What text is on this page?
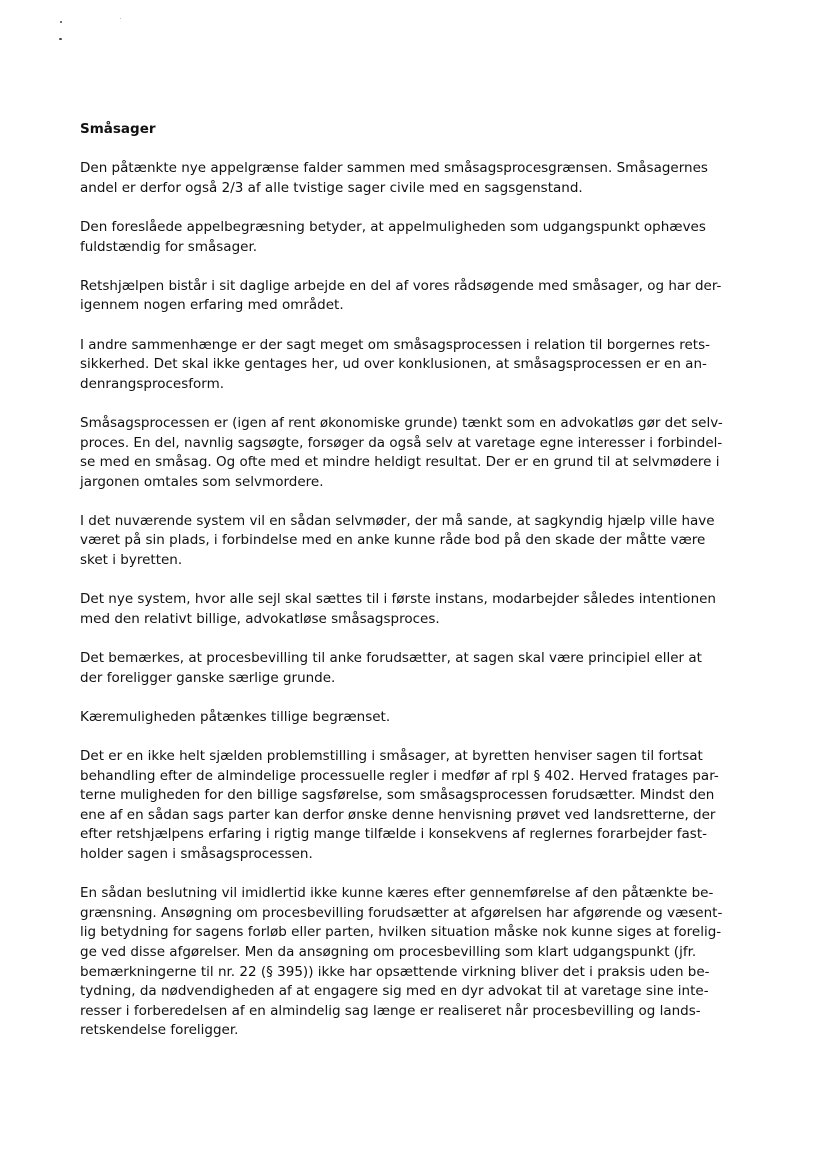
Småsager
Den påtænkte nye appelgrænse falder sammen med småsagsprocesgrænsen. Småsagernes
andel er derfor også 2/3 af alle tvistige sager civile med en sagsgenstand.
Den foreslåede appelbegræsning betyder, at appelmuligheden som udgangspunkt ophæves
fuldstændig for småsager.
Retshjælpen bistår i sit daglige arbejde en del af vores rådsøgende med småsager, og har der-
igennem nogen erfaring med området.
I andre sammenhænge er der sagt meget om småsagsprocessen i relation til borgernes rets-
sikkerhed. Det skal ikke gentages her, ud over konklusionen, at småsagsprocessen er en an-
denrangsprocesform.
Småsagsprocessen er (igen af rent økonomiske grunde) tænkt som en advokatløs gør det selv-
proces. En del, navnlig sagsøgte, forsøger da også selv at varetage egne interesser i forbindel-
se med en småsag. Og ofte med et mindre heldigt resultat. Der er en grund til at selvmødere i
jargonen omtales som selvmordere.
I det nuværende system vil en sådan selvmøder, der må sande, at sagkyndig hjælp ville have
været på sin plads, i forbindelse med en anke kunne råde bod på den skade der måtte være
sket i byretten.
Det nye system, hvor alle sejl skal sættes til i første instans, modarbejder således intentionen
med den relativt billige, advokatløse småsagsproces.
Det bemærkes, at procesbevilling til anke forudsætter, at sagen skal være principiel eller at
der foreligger ganske særlige grunde.
Kæremuligheden påtænkes tillige begrænset.
Det er en ikke helt sjælden problemstilling i småsager, at byretten henviser sagen til fortsat
behandling efter de almindelige processuelle regler i medfør af rpl § 402. Herved fratages par-
terne muligheden for den billige sagsførelse, som småsagsprocessen forudsætter. Mindst den
ene af en sådan sags parter kan derfor ønske denne henvisning prøvet ved landsretterne, der
efter retshjælpens erfaring i rigtig mange tilfælde i konsekvens af reglernes forarbejder fast-
holder sagen i småsagsprocessen.
En sådan beslutning vil imidlertid ikke kunne kæres efter gennemførelse af den påtænkte be-
grænsning. Ansøgning om procesbevilling forudsætter at afgørelsen har afgørende og væsent-
lig betydning for sagens forløb eller parten, hvilken situation måske nok kunne siges at forelig-
ge ved disse afgørelser. Men da ansøgning om procesbevilling som klart udgangspunkt (jfr.
bemærkningerne til nr. 22 (§ 395)) ikke har opsættende virkning bliver det i praksis uden be-
tydning, da nødvendigheden af at engagere sig med en dyr advokat til at varetage sine inte-
resser i forberedelsen af en almindelig sag længe er realiseret når procesbevilling og lands-
retskendelse foreligger.
